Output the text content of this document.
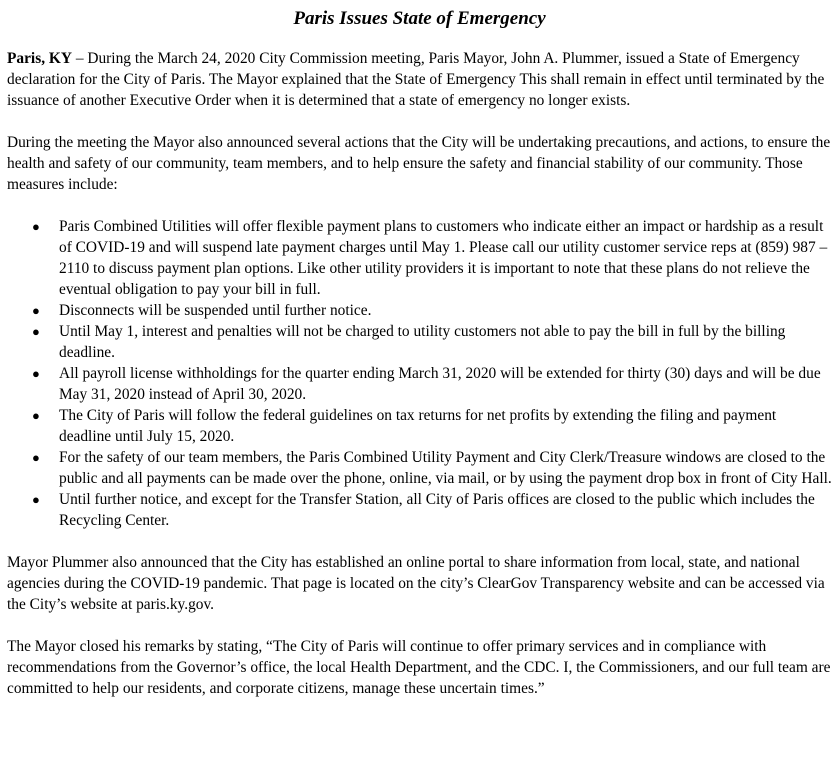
Paris Issues State of Emergency

Paris, KY – During the March 24, 2020 City Commission meeting, Paris Mayor, John A. Plummer, issued a State of Emergency declaration for the City of Paris. The Mayor explained that the State of Emergency This shall remain in effect until terminated by the issuance of another Executive Order when it is determined that a state of emergency no longer exists.

During the meeting the Mayor also announced several actions that the City will be undertaking precautions, and actions, to ensure the health and safety of our community, team members, and to help ensure the safety and financial stability of our community. Those measures include:

● Paris Combined Utilities will offer flexible payment plans to customers who indicate either an impact or hardship as a result of COVID-19 and will suspend late payment charges until May 1. Please call our utility customer service reps at (859) 987 – 2110 to discuss payment plan options. Like other utility providers it is important to note that these plans do not relieve the eventual obligation to pay your bill in full.
● Disconnects will be suspended until further notice.
● Until May 1, interest and penalties will not be charged to utility customers not able to pay the bill in full by the billing deadline.
● All payroll license withholdings for the quarter ending March 31, 2020 will be extended for thirty (30) days and will be due May 31, 2020 instead of April 30, 2020.
● The City of Paris will follow the federal guidelines on tax returns for net profits by extending the filing and payment deadline until July 15, 2020.
● For the safety of our team members, the Paris Combined Utility Payment and City Clerk/Treasure windows are closed to the public and all payments can be made over the phone, online, via mail, or by using the payment drop box in front of City Hall.
● Until further notice, and except for the Transfer Station, all City of Paris offices are closed to the public which includes the Recycling Center.

Mayor Plummer also announced that the City has established an online portal to share information from local, state, and national agencies during the COVID-19 pandemic. That page is located on the city’s ClearGov Transparency website and can be accessed via the City’s website at paris.ky.gov.

The Mayor closed his remarks by stating, “The City of Paris will continue to offer primary services and in compliance with recommendations from the Governor’s office, the local Health Department, and the CDC. I, the Commissioners, and our full team are committed to help our residents, and corporate citizens, manage these uncertain times.”
